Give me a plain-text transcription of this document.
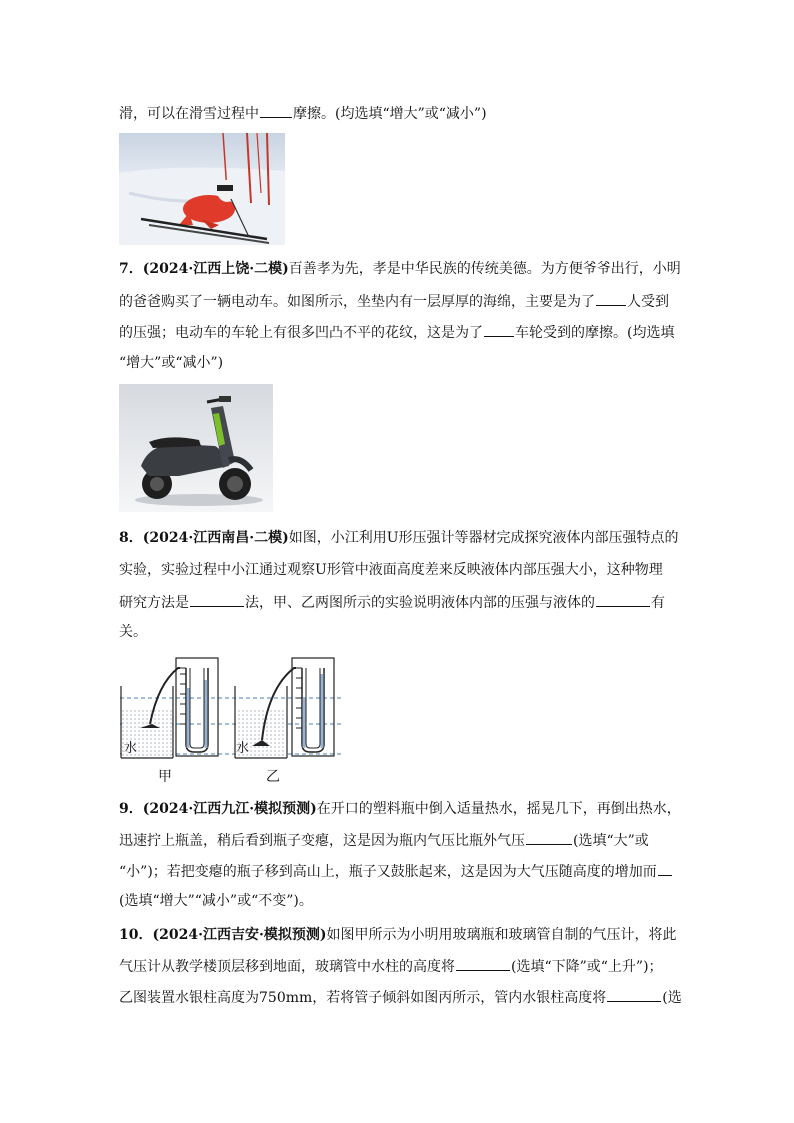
滑，可以在滑雪过程中 摩擦。(均选填“增大”或“减小”)
7．(2024·江西上饶·二模)百善孝为先，孝是中华民族的传统美德。为方便爷爷出行，小明
的爸爸购买了一辆电动车。如图所示，坐垫内有一层厚厚的海绵，主要是为了 人受到
的压强；电动车的车轮上有很多凹凸不平的花纹，这是为了 车轮受到的摩擦。(均选填
“增大”或“减小”)
8．(2024·江西南昌·二模)如图，小江利用U形压强计等器材完成探究液体内部压强特点的
实验，实验过程中小江通过观察U形管中液面高度差来反映液体内部压强大小，这种物理
研究方法是	法，甲、乙两图所示的实验说明液体内部的压强与液体的	有
关。
水	水
甲	乙
9．(2024·江西九江·模拟预测)在开口的塑料瓶中倒入适量热水，摇晃几下，再倒出热水，
迅速拧上瓶盖，稍后看到瓶子变瘪，这是因为瓶内气压比瓶外气压	(选填“大”或
“小”)；若把变瘪的瓶子移到高山上，瓶子又鼓胀起来，这是因为大气压随高度的增加而
(选填“增大”“减小”或“不变”)。
10．(2024·江西吉安·模拟预测)如图甲所示为小明用玻璃瓶和玻璃管自制的气压计，将此
气压计从教学楼顶层移到地面，玻璃管中水柱的高度将	(选填“下降”或“上升”)；
乙图装置水银柱高度为750mm，若将管子倾斜如图丙所示，管内水银柱高度将	(选
